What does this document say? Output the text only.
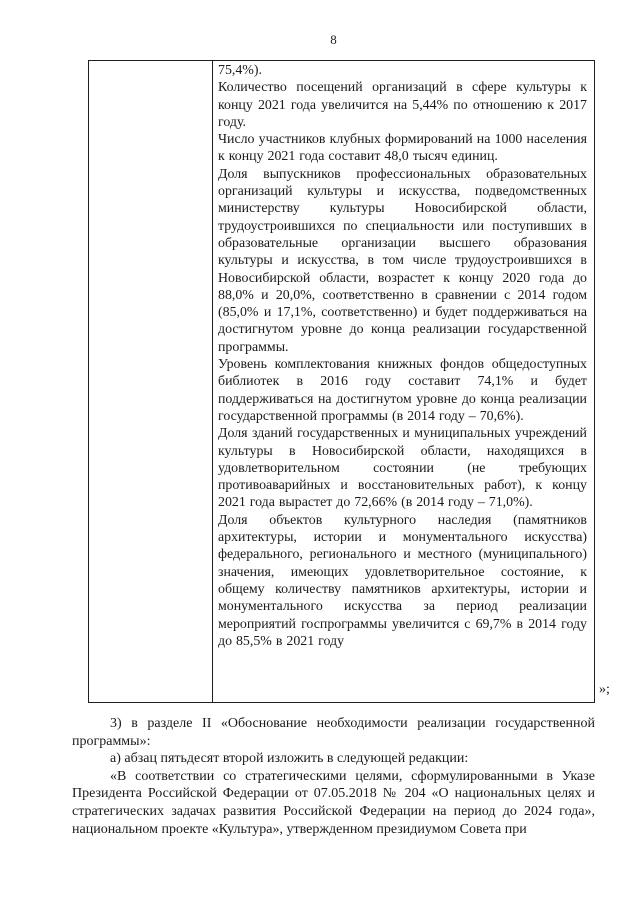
8

75,4%).

Количество посещений организаций в сфере культуры к концу 2021 года увеличится на 5,44% по отношению к 2017 году.

Число участников клубных формирований на 1000 населения к концу 2021 года составит 48,0 тысяч единиц.

Доля выпускников профессиональных образовательных организаций культуры и искусства, подведомственных министерству культуры Новосибирской области, трудоустроившихся по специальности или поступивших в образовательные организации высшего образования культуры и искусства, в том числе трудоустроившихся в Новосибирской области, возрастет к концу 2020 года до 88,0% и 20,0%, соответственно в сравнении с 2014 годом (85,0% и 17,1%, соответственно) и будет поддерживаться на достигнутом уровне до конца реализации государственной программы.

Уровень комплектования книжных фондов общедоступных библиотек в 2016 году составит 74,1% и будет поддерживаться на достигнутом уровне до конца реализации государственной программы (в 2014 году – 70,6%).

Доля зданий государственных и муниципальных учреждений культуры в Новосибирской области, находящихся в удовлетворительном состоянии (не требующих противоаварийных и восстановительных работ), к концу 2021 года вырастет до 72,66% (в 2014 году – 71,0%).

Доля объектов культурного наследия (памятников архитектуры, истории и монументального искусства) федерального, регионального и местного (муниципального) значения, имеющих удовлетворительное состояние, к общему количеству памятников архитектуры, истории и монументального искусства за период реализации мероприятий госпрограммы увеличится с 69,7% в 2014 году до 85,5% в 2021 году

»;

3) в разделе II «Обоснование необходимости реализации государственной программы»:

а) абзац пятьдесят второй изложить в следующей редакции:

«В соответствии со стратегическими целями, сформулированными в Указе Президента Российской Федерации от 07.05.2018 № 204 «О национальных целях и стратегических задачах развития Российской Федерации на период до 2024 года», национальном проекте «Культура», утвержденном президиумом Совета при
